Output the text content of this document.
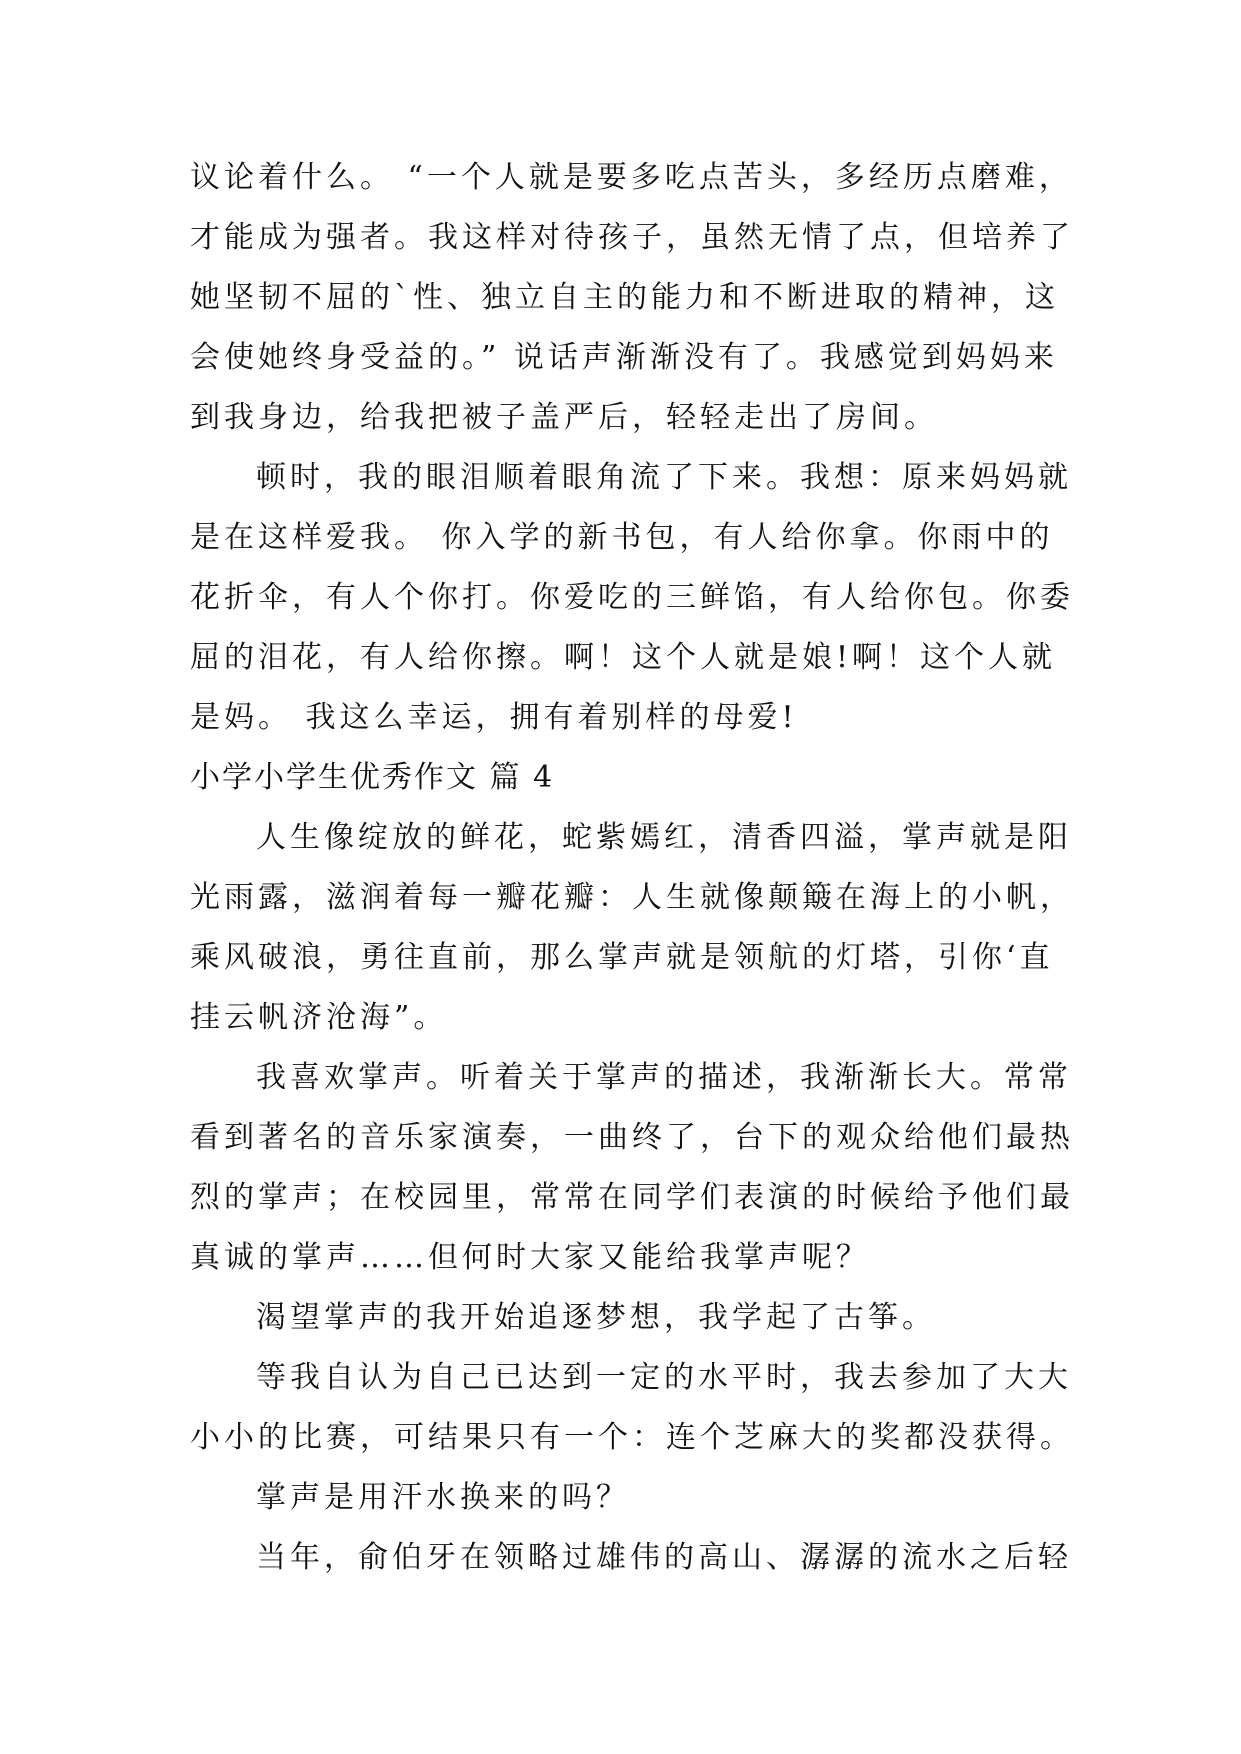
议论着什么。 “一个人就是要多吃点苦头，多经历点磨难，
才能成为强者。我这样对待孩子，虽然无情了点，但培养了
她坚韧不屈的`性、独立自主的能力和不断进取的精神，这
会使她终身受益的。” 说话声渐渐没有了。我感觉到妈妈来
到我身边，给我把被子盖严后，轻轻走出了房间。
顿时，我的眼泪顺着眼角流了下来。我想：原来妈妈就
是在这样爱我。 你入学的新书包，有人给你拿。你雨中的
花折伞，有人个你打。你爱吃的三鲜馅，有人给你包。你委
屈的泪花，有人给你擦。啊！这个人就是娘!啊！这个人就
是妈。 我这么幸运，拥有着别样的母爱!
小学小学生优秀作文 篇 4
人生像绽放的鲜花，蛇紫嫣红，清香四溢，掌声就是阳
光雨露，滋润着每一瓣花瓣：人生就像颠簸在海上的小帆，
乘风破浪，勇往直前，那么掌声就是领航的灯塔，引你‘直
挂云帆济沧海”。
我喜欢掌声。听着关于掌声的描述，我渐渐长大。常常
看到著名的音乐家演奏，一曲终了，台下的观众给他们最热
烈的掌声；在校园里，常常在同学们表演的时候给予他们最
真诚的掌声……但何时大家又能给我掌声呢？
渴望掌声的我开始追逐梦想，我学起了古筝。
等我自认为自己已达到一定的水平时，我去参加了大大
小小的比赛，可结果只有一个：连个芝麻大的奖都没获得。
掌声是用汗水换来的吗？
当年，俞伯牙在领略过雄伟的高山、潺潺的流水之后轻
